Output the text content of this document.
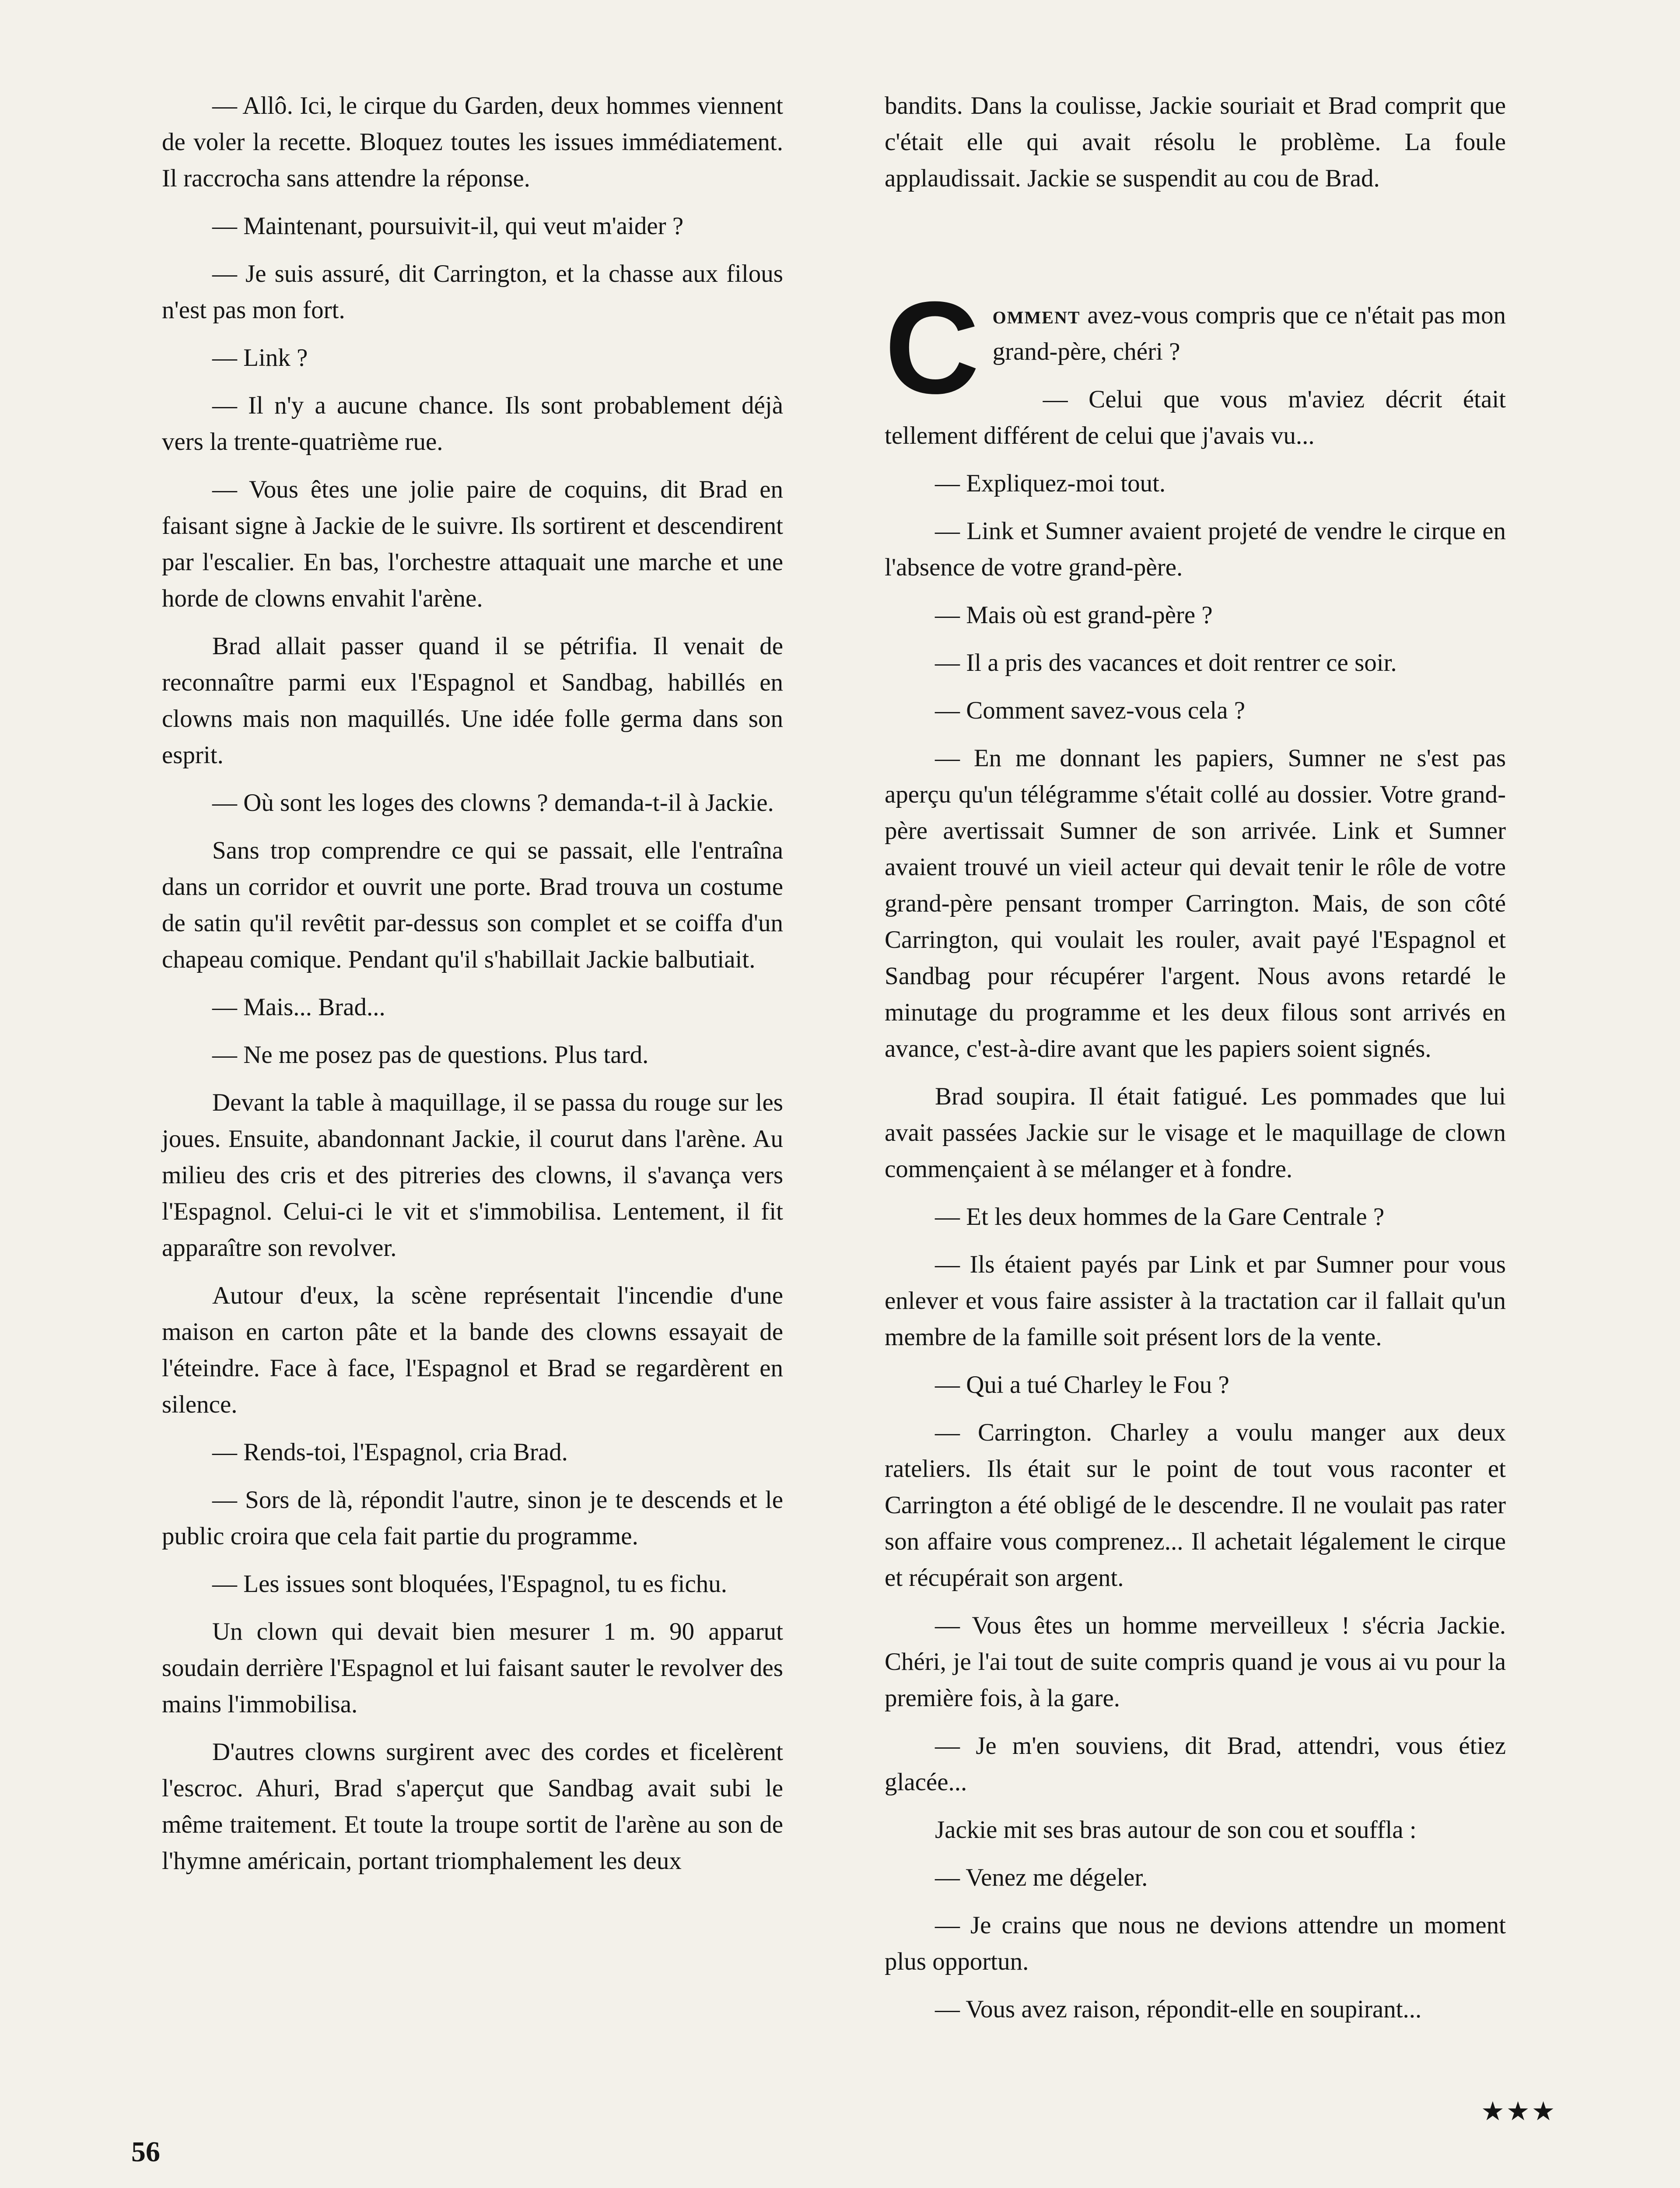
— Allô. Ici, le cirque du Garden, deux hommes viennent de voler la recette. Bloquez toutes les issues immédiatement. Il raccrocha sans attendre la réponse.

— Maintenant, poursuivit-il, qui veut m'aider ?

— Je suis assuré, dit Carrington, et la chasse aux filous n'est pas mon fort.

— Link ?

— Il n'y a aucune chance. Ils sont probablement déjà vers la trente-quatrième rue.

— Vous êtes une jolie paire de coquins, dit Brad en faisant signe à Jackie de le suivre. Ils sortirent et descendirent par l'escalier. En bas, l'orchestre attaquait une marche et une horde de clowns envahit l'arène.

Brad allait passer quand il se pétrifia. Il venait de reconnaître parmi eux l'Espagnol et Sandbag, habillés en clowns mais non maquillés. Une idée folle germa dans son esprit.

— Où sont les loges des clowns ? demanda-t-il à Jackie.

Sans trop comprendre ce qui se passait, elle l'entraîna dans un corridor et ouvrit une porte. Brad trouva un costume de satin qu'il revêtit par-dessus son complet et se coiffa d'un chapeau comique. Pendant qu'il s'habillait Jackie balbutiait.

— Mais... Brad...

— Ne me posez pas de questions. Plus tard.

Devant la table à maquillage, il se passa du rouge sur les joues. Ensuite, abandonnant Jackie, il courut dans l'arène. Au milieu des cris et des pitreries des clowns, il s'avança vers l'Espagnol. Celui-ci le vit et s'immobilisa. Lentement, il fit apparaître son revolver.

Autour d'eux, la scène représentait l'incendie d'une maison en carton pâte et la bande des clowns essayait de l'éteindre. Face à face, l'Espagnol et Brad se regardèrent en silence.

— Rends-toi, l'Espagnol, cria Brad.

— Sors de là, répondit l'autre, sinon je te descends et le public croira que cela fait partie du programme.

— Les issues sont bloquées, l'Espagnol, tu es fichu.

Un clown qui devait bien mesurer 1 m. 90 apparut soudain derrière l'Espagnol et lui faisant sauter le revolver des mains l'immobilisa.

D'autres clowns surgirent avec des cordes et ficelèrent l'escroc. Ahuri, Brad s'aperçut que Sandbag avait subi le même traitement. Et toute la troupe sortit de l'arène au son de l'hymne américain, portant triomphalement les deux

bandits. Dans la coulisse, Jackie souriait et Brad comprit que c'était elle qui avait résolu le problème. La foule applaudissait. Jackie se suspendit au cou de Brad.

C omment avez-vous compris que ce n'était pas mon grand-père, chéri ?

— Celui que vous m'aviez décrit était tellement différent de celui que j'avais vu...

— Expliquez-moi tout.

— Link et Sumner avaient projeté de vendre le cirque en l'absence de votre grand-père.

— Mais où est grand-père ?

— Il a pris des vacances et doit rentrer ce soir.

— Comment savez-vous cela ?

— En me donnant les papiers, Sumner ne s'est pas aperçu qu'un télégramme s'était collé au dossier. Votre grand-père avertissait Sumner de son arrivée. Link et Sumner avaient trouvé un vieil acteur qui devait tenir le rôle de votre grand-père pensant tromper Carrington. Mais, de son côté Carrington, qui voulait les rouler, avait payé l'Espagnol et Sandbag pour récupérer l'argent. Nous avons retardé le minutage du programme et les deux filous sont arrivés en avance, c'est-à-dire avant que les papiers soient signés.

Brad soupira. Il était fatigué. Les pommades que lui avait passées Jackie sur le visage et le maquillage de clown commençaient à se mélanger et à fondre.

— Et les deux hommes de la Gare Centrale ?

— Ils étaient payés par Link et par Sumner pour vous enlever et vous faire assister à la tractation car il fallait qu'un membre de la famille soit présent lors de la vente.

— Qui a tué Charley le Fou ?

— Carrington. Charley a voulu manger aux deux rateliers. Ils était sur le point de tout vous raconter et Carrington a été obligé de le descendre. Il ne voulait pas rater son affaire vous comprenez... Il achetait légalement le cirque et récupérait son argent.

— Vous êtes un homme merveilleux ! s'écria Jackie. Chéri, je l'ai tout de suite compris quand je vous ai vu pour la première fois, à la gare.

— Je m'en souviens, dit Brad, attendri, vous étiez glacée...

Jackie mit ses bras autour de son cou et souffla :

— Venez me dégeler.

— Je crains que nous ne devions attendre un moment plus opportun.

— Vous avez raison, répondit-elle en soupirant...

★★★
56
